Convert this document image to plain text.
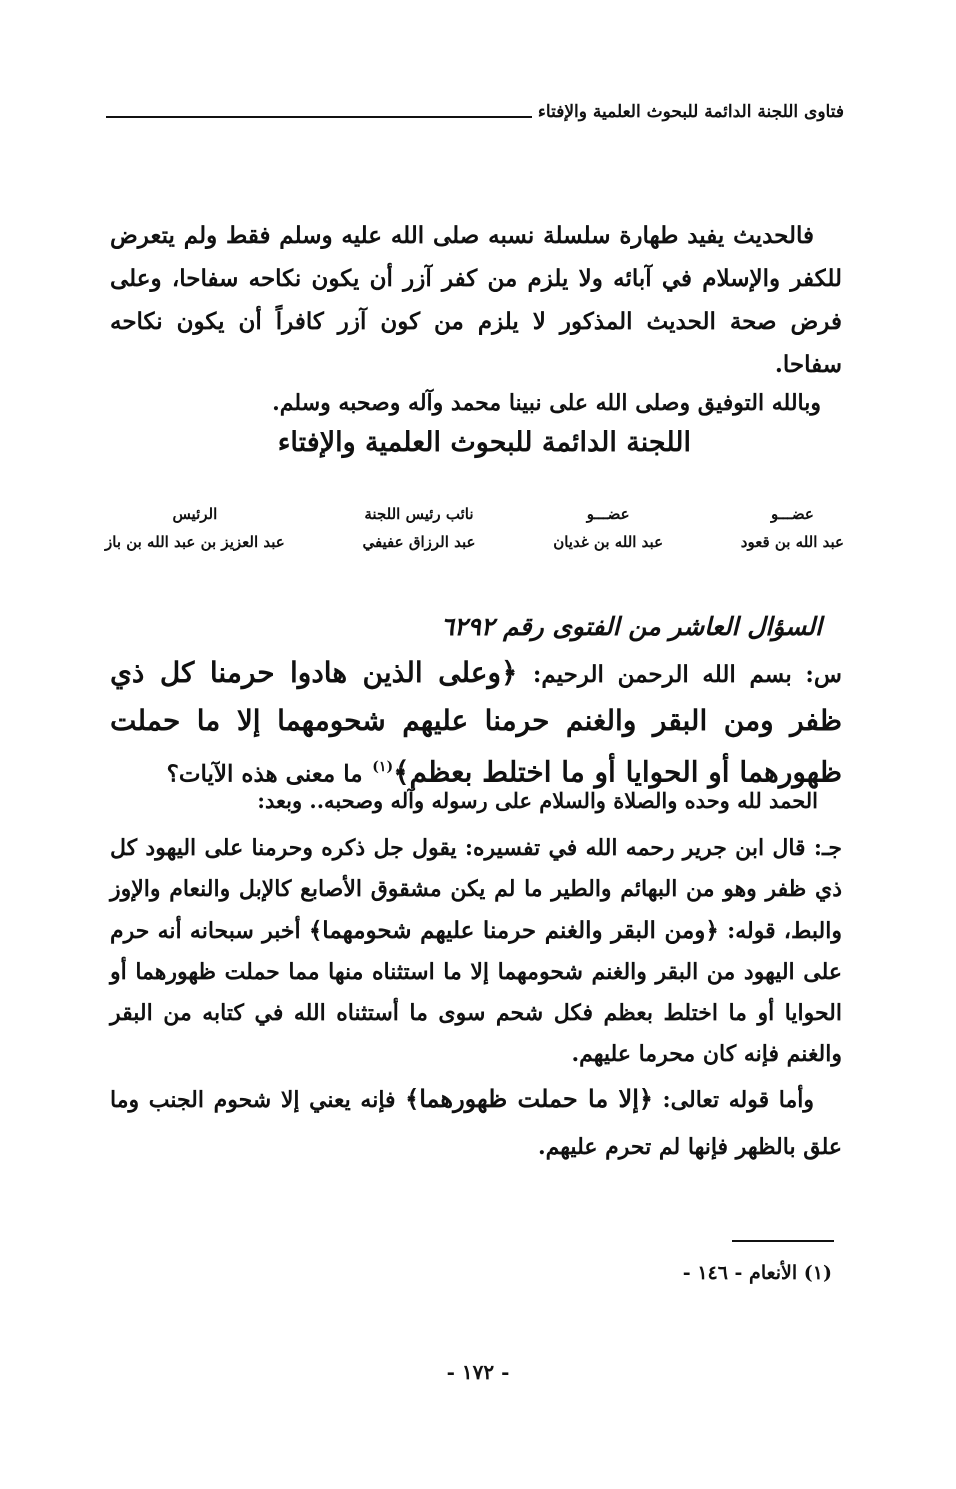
فتاوى اللجنة الدائمة للبحوث العلمية والإفتاء

فالحديث يفيد طهارة سلسلة نسبه صلى الله عليه وسلم فقط ولم يتعرض للكفر والإسلام في آبائه ولا يلزم من كفر آزر أن يكون نكاحه سفاحا، وعلى فرض صحة الحديث المذكور لا يلزم من كون آزر كافراً أن يكون نكاحه سفاحا.

وبالله التوفيق وصلى الله على نبينا محمد وآله وصحبه وسلم.
اللجنة الدائمة للبحوث العلمية والإفتاء
عضـــو
عبد الله بن قعود
عضـــو
عبد الله بن غديان
نائب رئيس اللجنة
عبد الرزاق عفيفي
الرئيس
عبد العزيز بن عبد الله بن باز
السؤال العاشر من الفتوى رقم ٦٢٩٢

س: بسم الله الرحمن الرحيم: ﴿وعلى الذين هادوا حرمنا كل ذي ظفر ومن البقر والغنم حرمنا عليهم شحومهما إلا ما حملت ظهورهما أو الحوايا أو ما اختلط بعظم﴾$^{(١)}$ ما معنى هذه الآيات؟

الحمد لله وحده والصلاة والسلام على رسوله وآله وصحبه.. وبعد:

جـ: قال ابن جرير رحمه الله في تفسيره: يقول جل ذكره وحرمنا على اليهود كل ذي ظفر وهو من البهائم والطير ما لم يكن مشقوق الأصابع كالإبل والنعام والإوز والبط، قوله: ﴿ومن البقر والغنم حرمنا عليهم شحومهما﴾ أخبر سبحانه أنه حرم على اليهود من البقر والغنم شحومهما إلا ما استثناه منها مما حملت ظهورهما أو الحوايا أو ما اختلط بعظم فكل شحم سوى ما أستثناه الله في كتابه من البقر والغنم فإنه كان محرما عليهم.

وأما قوله تعالى: ﴿إلا ما حملت ظهورهما﴾ فإنه يعني إلا شحوم الجنب وما علق بالظهر فإنها لم تحرم عليهم.

(١) الأنعام - ١٤٦ -
- ١٧٢ -
